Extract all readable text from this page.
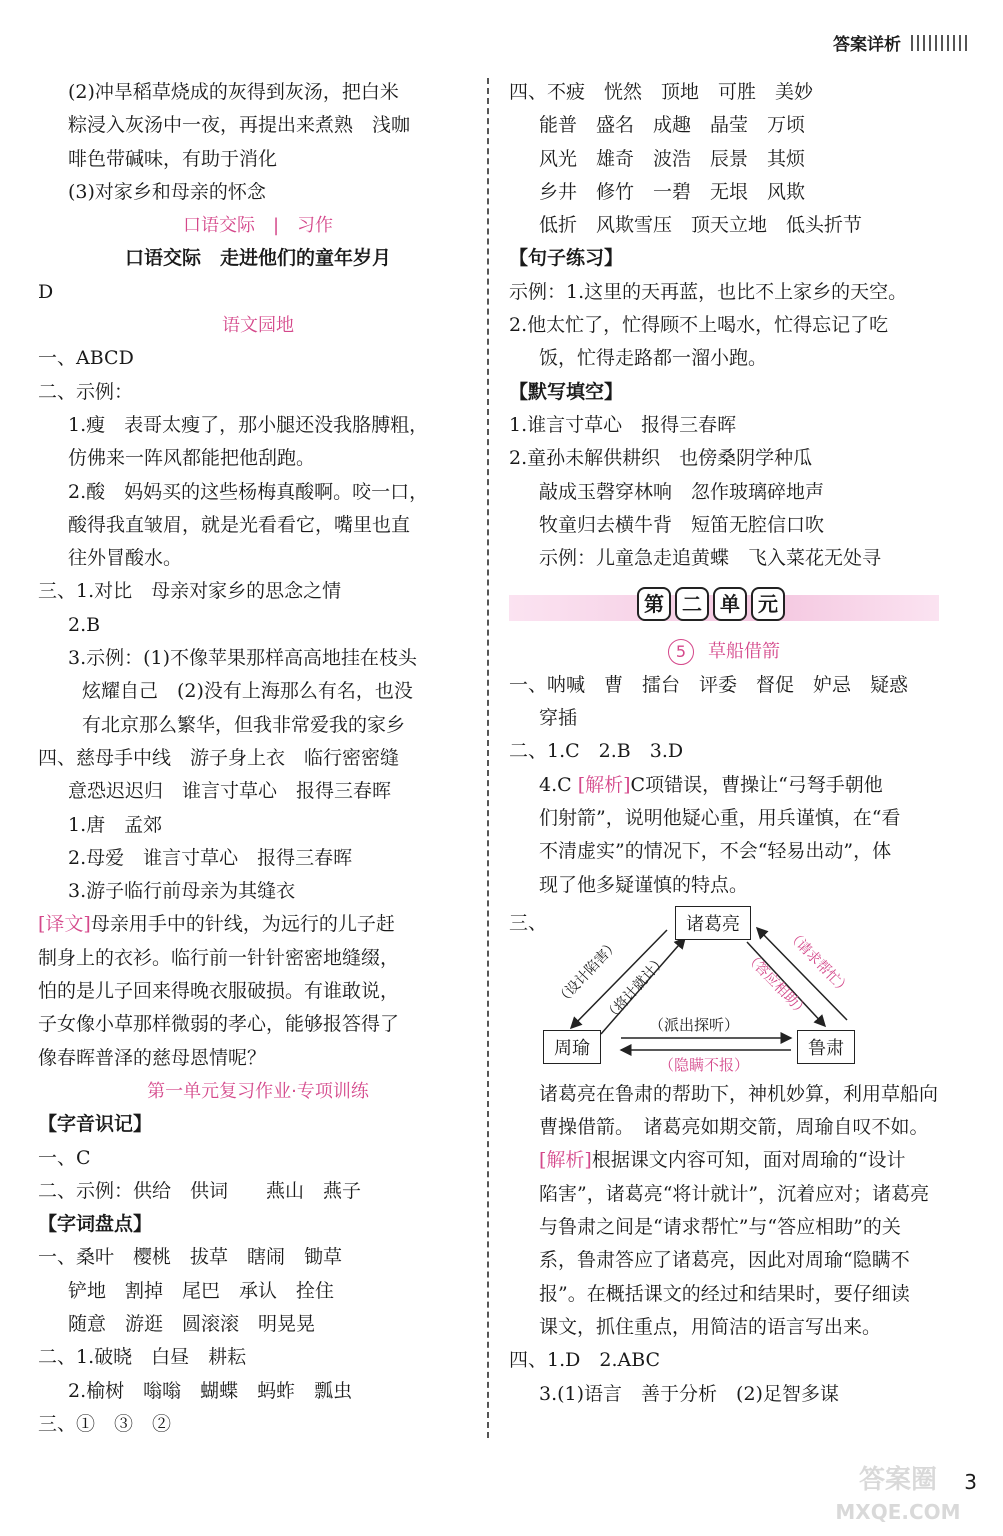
答案详析
(2)冲旱稻草烧成的灰得到灰汤，把白米
粽浸入灰汤中一夜，再提出来煮熟　浅咖
啡色带碱味，有助于消化
(3)对家乡和母亲的怀念
口语交际　|　习作
口语交际　走进他们的童年岁月
D
语文园地
一、ABCD
二、示例：
1.瘦　表哥太瘦了，那小腿还没我胳膊粗，
仿佛来一阵风都能把他刮跑。
2.酸　妈妈买的这些杨梅真酸啊。咬一口，
酸得我直皱眉，就是光看看它，嘴里也直
往外冒酸水。
三、1.对比　母亲对家乡的思念之情
2.B
3.示例：(1)不像苹果那样高高地挂在枝头
炫耀自己　(2)没有上海那么有名，也没
有北京那么繁华，但我非常爱我的家乡
四、慈母手中线　游子身上衣　临行密密缝
意恐迟迟归　谁言寸草心　报得三春晖
1.唐　孟郊
2.母爱　谁言寸草心　报得三春晖
3.游子临行前母亲为其缝衣
[译文]母亲用手中的针线，为远行的儿子赶
制身上的衣衫。临行前一针针密密地缝缀，
怕的是儿子回来得晚衣服破损。有谁敢说，
子女像小草那样微弱的孝心，能够报答得了
像春晖普泽的慈母恩情呢？
第一单元复习作业·专项训练
【字音识记】
一、C
二、示例：供给　供词　　燕山　燕子
【字词盘点】
一、桑叶　樱桃　拔草　瞎闹　锄草
铲地　割掉　尾巴　承认　拴住
随意　游逛　圆滚滚　明晃晃
二、1.破晓　白昼　耕耘
2.榆树　嗡嗡　蝴蝶　蚂蚱　瓢虫
三、①　③　②
四、不疲　恍然　顶地　可胜　美妙
能普　盛名　成趣　晶莹　万顷
风光　雄奇　波浩　辰景　其烦
乡井　修竹　一碧　无垠　风欺
低折　风欺雪压　顶天立地　低头折节
【句子练习】
示例：1.这里的天再蓝，也比不上家乡的天空。
2.他太忙了，忙得顾不上喝水，忙得忘记了吃
饭，忙得走路都一溜小跑。
【默写填空】
1.谁言寸草心　报得三春晖
2.童孙未解供耕织　也傍桑阴学种瓜
敲成玉磬穿林响　忽作玻璃碎地声
牧童归去横牛背　短笛无腔信口吹
示例：儿童急走追黄蝶　飞入菜花无处寻
第 二 单 元
5 草船借箭
一、呐喊　曹　擂台　评委　督促　妒忌　疑惑
穿插
二、1.C　2.B　3.D
4.C [解析]C项错误，曹操让“弓弩手朝他
们射箭”，说明他疑心重，用兵谨慎，在“看
不清虚实”的情况下，不会“轻易出动”，体
现了他多疑谨慎的特点。
三、	诸葛亮
周瑜	鲁肃
（设计陷害）
（将计就计）	（请求帮忙）
（答应相助）
（派出探听）
（隐瞒不报）
诸葛亮在鲁肃的帮助下，神机妙算，利用草船向
曹操借箭。　诸葛亮如期交箭，周瑜自叹不如。
[解析]根据课文内容可知，面对周瑜的“设计
陷害”，诸葛亮“将计就计”，沉着应对；诸葛亮
与鲁肃之间是“请求帮忙”与“答应相助”的关
系，鲁肃答应了诸葛亮，因此对周瑜“隐瞒不
报”。在概括课文的经过和结果时，要仔细读
课文，抓住重点，用简洁的语言写出来。
四、1.D　2.ABC
3.(1)语言　善于分析　(2)足智多谋
3
答案圈
MXQE.COM
